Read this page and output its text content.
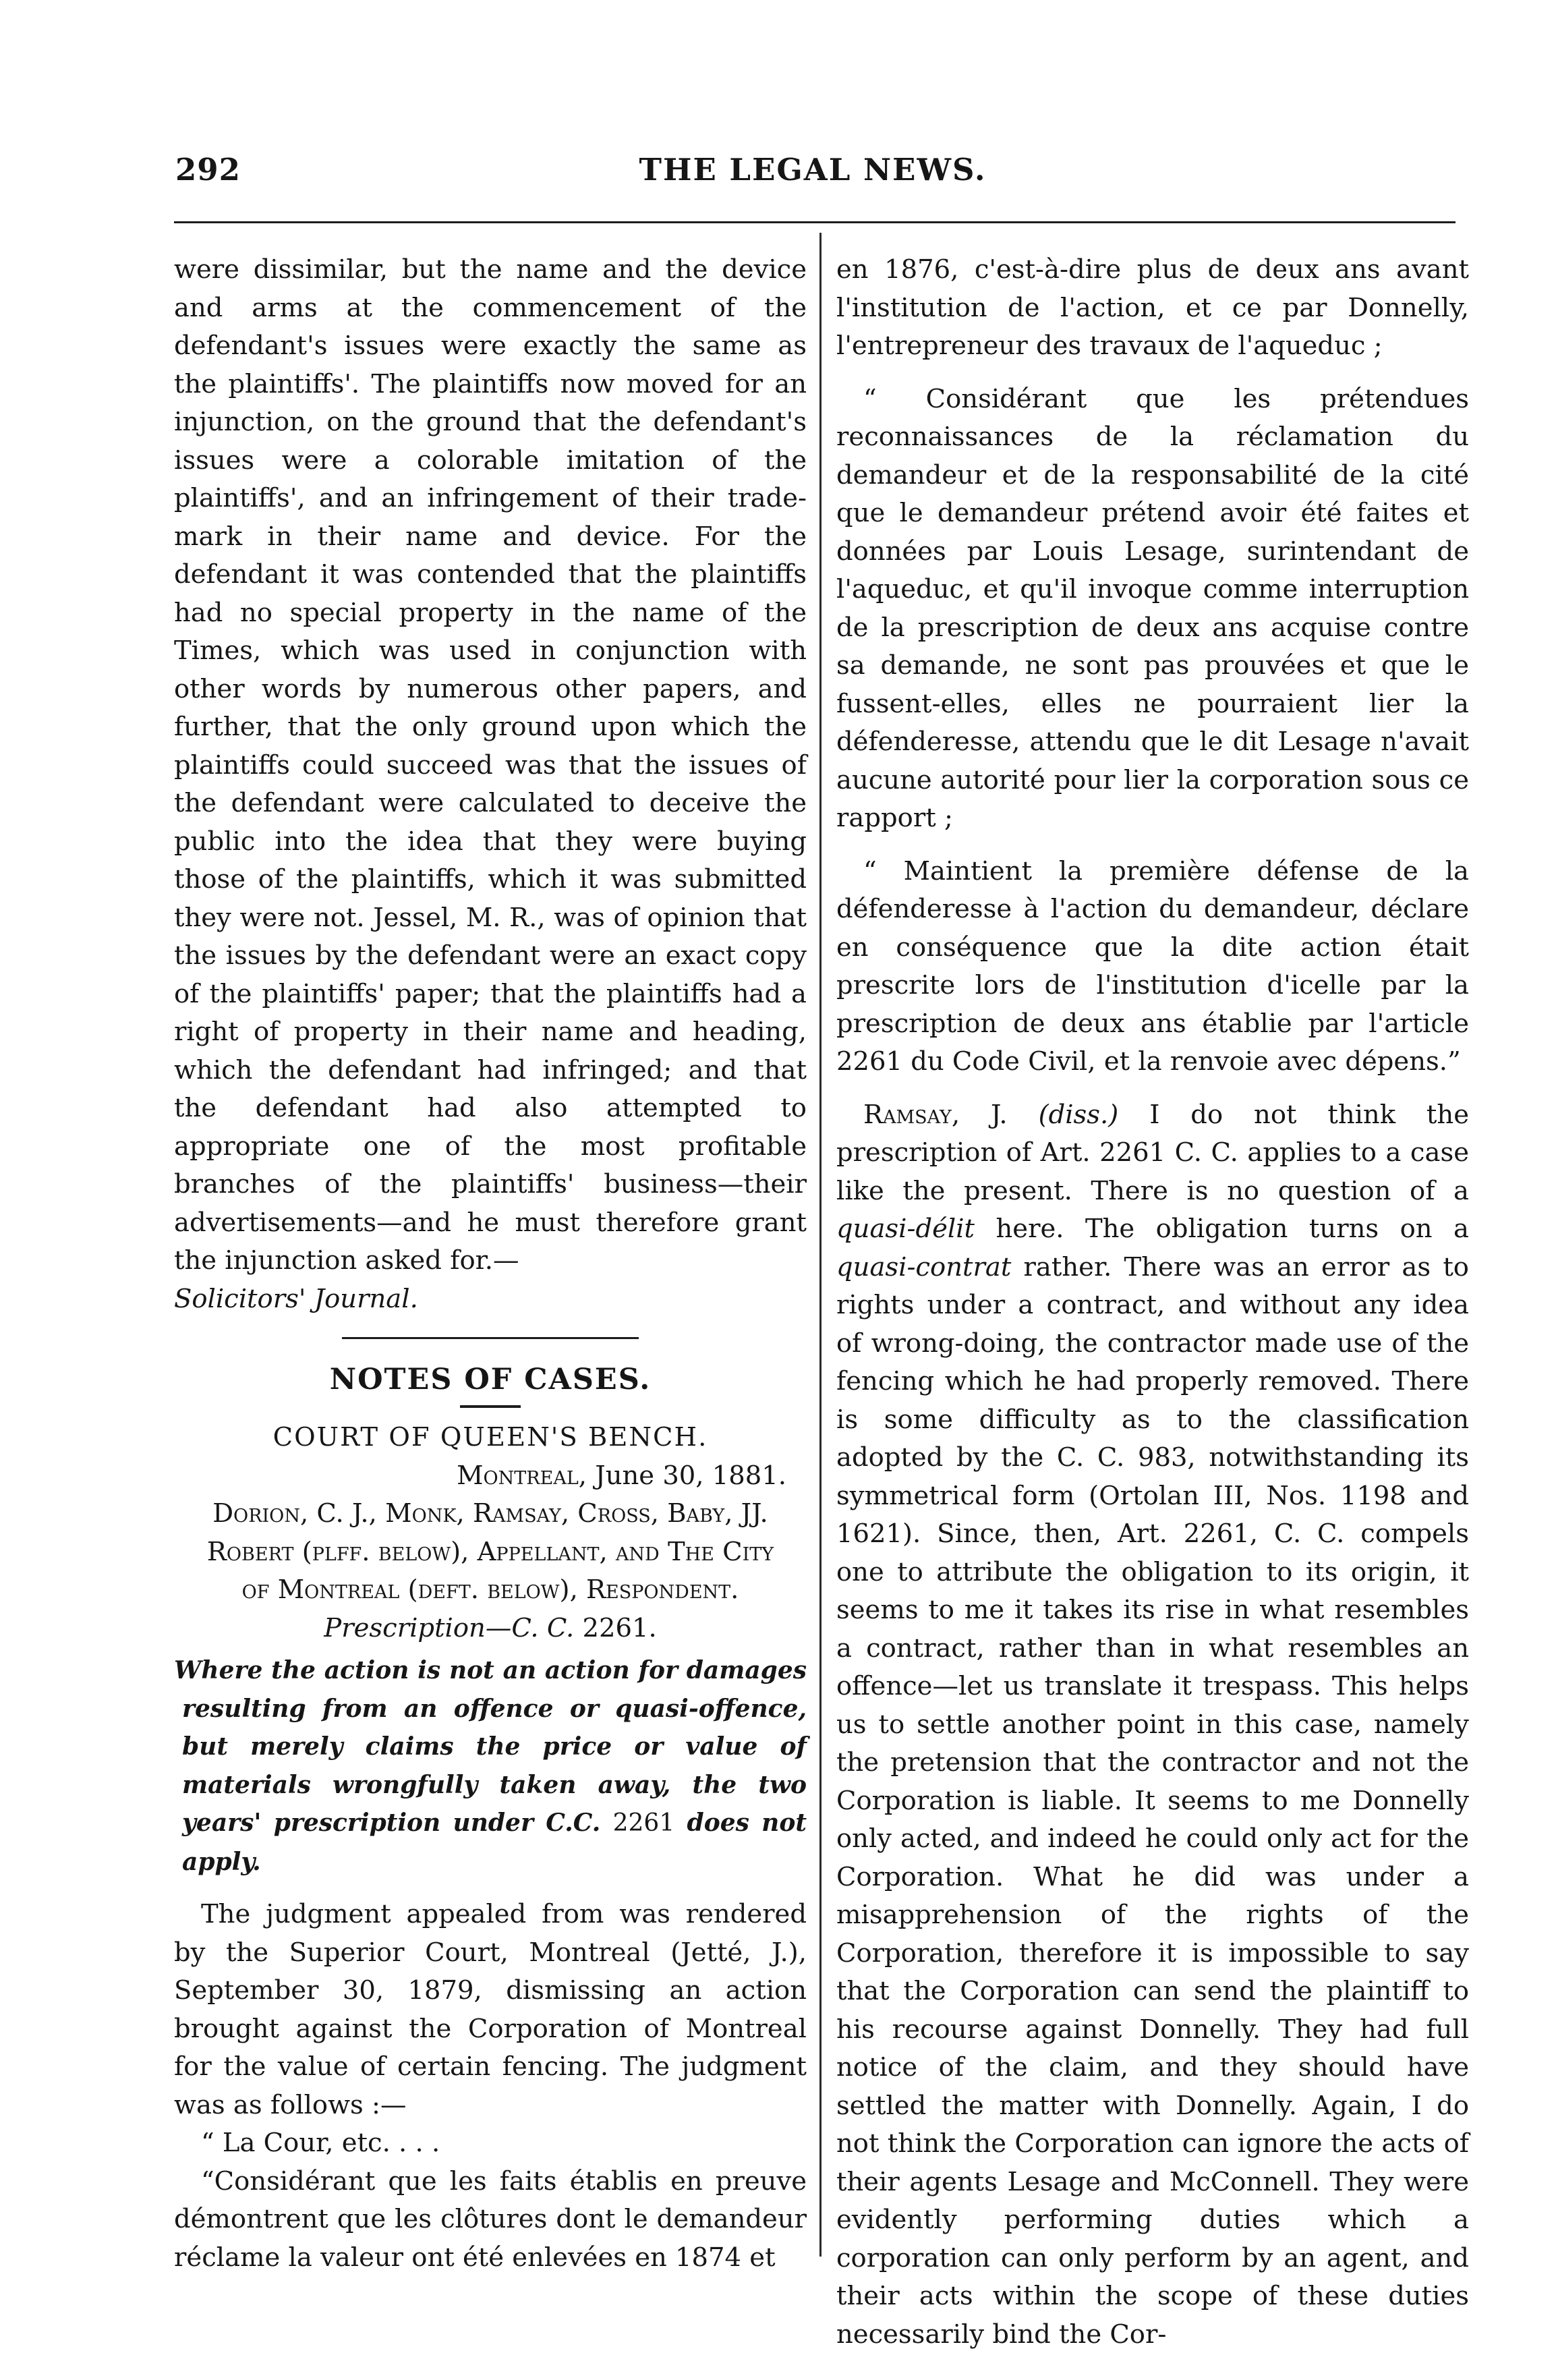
292	THE LEGAL NEWS.

were dissimilar, but the name and the device and arms at the commencement of the defendant's issues were exactly the same as the plaintiffs'. The plaintiffs now moved for an injunction, on the ground that the defendant's issues were a colorable imitation of the plaintiffs', and an infringement of their trade-mark in their name and device. For the defendant it was contended that the plaintiffs had no special property in the name of the Times, which was used in conjunction with other words by numerous other papers, and further, that the only ground upon which the plaintiffs could succeed was that the issues of the defendant were calculated to deceive the public into the idea that they were buying those of the plaintiffs, which it was submitted they were not. Jessel, M. R., was of opinion that the issues by the defendant were an exact copy of the plaintiffs' paper; that the plaintiffs had a right of property in their name and heading, which the defendant had infringed; and that the defendant had also attempted to appropriate one of the most profitable branches of the plaintiffs' business—their advertisements—and he must therefore grant the injunction asked for.—
Solicitors' Journal.

NOTES OF CASES.

COURT OF QUEEN'S BENCH.

Montreal, June 30, 1881.

Dorion, C. J., Monk, Ramsay, Cross, Baby, JJ.

Robert (plff. below), Appellant, and The City

of Montreal (deft. below), Respondent.

Prescription—C. C. 2261.

Where the action is not an action for damages resulting from an offence or quasi-offence, but merely claims the price or value of materials wrongfully taken away, the two years' prescription under C.C. 2261 does not apply.

The judgment appealed from was rendered by the Superior Court, Montreal (Jetté, J.), September 30, 1879, dismissing an action brought against the Corporation of Montreal for the value of certain fencing. The judgment was as follows :—

“ La Cour, etc. . . .

“Considérant que les faits établis en preuve démontrent que les clôtures dont le demandeur réclame la valeur ont été enlevées en 1874 et

en 1876, c'est-à-dire plus de deux ans avant l'institution de l'action, et ce par Donnelly, l'entrepreneur des travaux de l'aqueduc ;

“ Considérant que les prétendues reconnaissances de la réclamation du demandeur et de la responsabilité de la cité que le demandeur prétend avoir été faites et données par Louis Lesage, surintendant de l'aqueduc, et qu'il invoque comme interruption de la prescription de deux ans acquise contre sa demande, ne sont pas prouvées et que le fussent-elles, elles ne pourraient lier la défenderesse, attendu que le dit Lesage n'avait aucune autorité pour lier la corporation sous ce rapport ;

“ Maintient la première défense de la défenderesse à l'action du demandeur, déclare en conséquence que la dite action était prescrite lors de l'institution d'icelle par la prescription de deux ans établie par l'article 2261 du Code Civil, et la renvoie avec dépens.”

Ramsay, J. (diss.) I do not think the prescription of Art. 2261 C. C. applies to a case like the present. There is no question of a quasi-délit here. The obligation turns on a quasi-contrat rather. There was an error as to rights under a contract, and without any idea of wrong-doing, the contractor made use of the fencing which he had properly removed. There is some difficulty as to the classification adopted by the C. C. 983, notwithstanding its symmetrical form (Ortolan III, Nos. 1198 and 1621). Since, then, Art. 2261, C. C. compels one to attribute the obligation to its origin, it seems to me it takes its rise in what resembles a contract, rather than in what resembles an offence—let us translate it trespass. This helps us to settle another point in this case, namely the pretension that the contractor and not the Corporation is liable. It seems to me Donnelly only acted, and indeed he could only act for the Corporation. What he did was under a misapprehension of the rights of the Corporation, therefore it is impossible to say that the Corporation can send the plaintiff to his recourse against Donnelly. They had full notice of the claim, and they should have settled the matter with Donnelly. Again, I do not think the Corporation can ignore the acts of their agents Lesage and McConnell. They were evidently performing duties which a corporation can only perform by an agent, and their acts within the scope of these duties necessarily bind the Cor-
